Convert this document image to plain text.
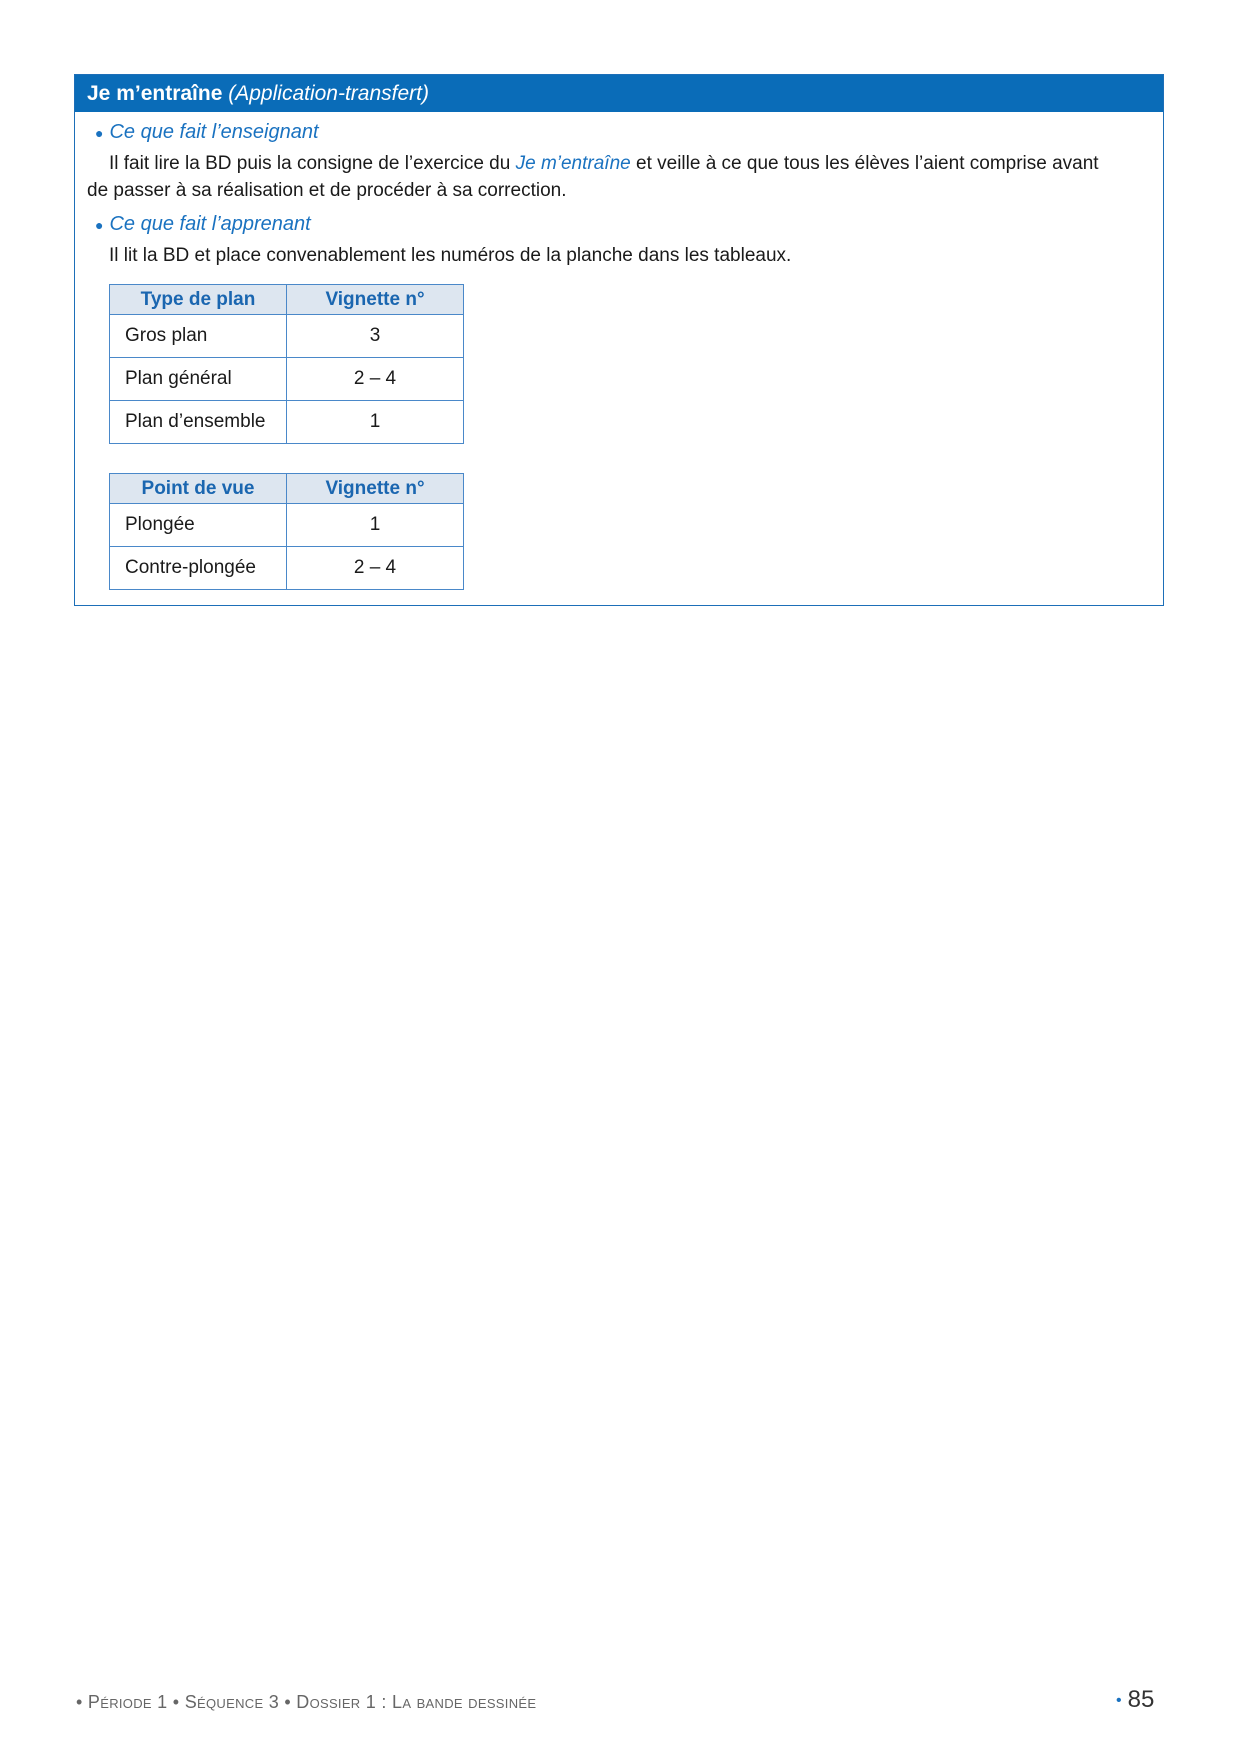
Je m’entraîne (Application-transfert)
● Ce que fait l’enseignant
Il fait lire la BD puis la consigne de l’exercice du Je m’entraîne et veille à ce que tous les élèves l’aient comprise avant
de passer à sa réalisation et de procéder à sa correction.
● Ce que fait l’apprenant
Il lit la BD et place convenablement les numéros de la planche dans les tableaux.
Type de plan	Vignette n°
Gros plan	3
Plan général	2 – 4
Plan d’ensemble	1
Point de vue	Vignette n°
Plongée	1
Contre-plongée	2 – 4
• Période 1 • Séquence 3 • Dossier 1 : La bande dessinée	• 85
